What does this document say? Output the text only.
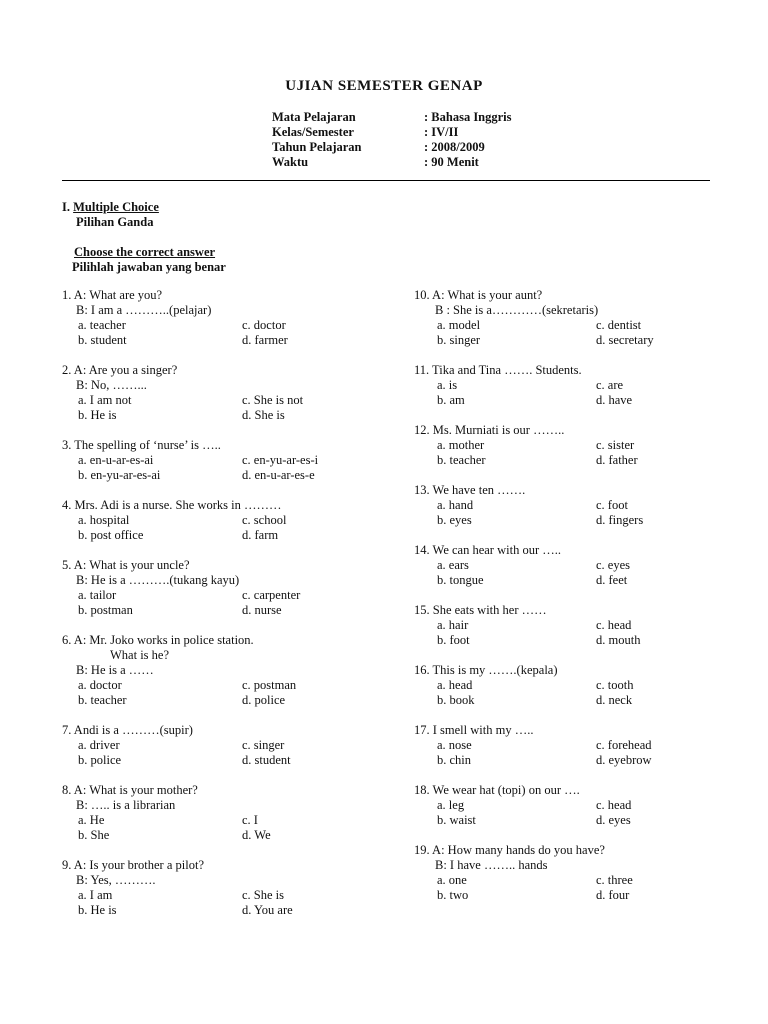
UJIAN SEMESTER GENAP
Mata Pelajaran	: Bahasa Inggris
Kelas/Semester	: IV/II
Tahun Pelajaran	: 2008/2009
Waktu	: 90 Menit
I. Multiple Choice
Pilihan Ganda
Choose the correct answer
Pilihlah jawaban yang benar
1. A: What are you?
B: I am a ………..(pelajar)
a. teacher	c. doctor
b. student	d. farmer
2. A: Are you a singer?
B: No, ……...
a. I am not	c. She is not
b. He is	d. She is
3. The spelling of ‘nurse’ is …..
a. en-u-ar-es-ai	c. en-yu-ar-es-i
b. en-yu-ar-es-ai	d. en-u-ar-es-e
4. Mrs. Adi is a nurse. She works in ………
a. hospital	c. school
b. post office	d. farm
5. A: What is your uncle?
B: He is a ……….(tukang kayu)
a. tailor	c. carpenter
b. postman	d. nurse
6. A: Mr. Joko works in police station.
What is he?
B: He is a ……
a. doctor	c. postman
b. teacher	d. police
7. Andi is a ………(supir)
a. driver	c. singer
b. police	d. student
8. A: What is your mother?
B: ….. is a librarian
a. He	c. I
b. She	d. We
9. A: Is your brother a pilot?
B: Yes, ……….
a. I am	c. She is
b. He is	d. You are
10. A: What is your aunt?
B : She is a…………(sekretaris)
a. model	c. dentist
b. singer	d. secretary
11. Tika and Tina ……. Students.
a. is	c. are
b. am	d. have
12. Ms. Murniati is our ……..
a. mother	c. sister
b. teacher	d. father
13. We have ten …….
a. hand	c. foot
b. eyes	d. fingers
14. We can hear with our …..
a. ears	c. eyes
b. tongue	d. feet
15. She eats with her ……
a. hair	c. head
b. foot	d. mouth
16. This is my …….(kepala)
a. head	c. tooth
b. book	d. neck
17. I smell with my …..
a. nose	c. forehead
b. chin	d. eyebrow
18. We wear hat (topi) on our ….
a. leg	c. head
b. waist	d. eyes
19. A: How many hands do you have?
B: I have …….. hands
a. one	c. three
b. two	d. four
